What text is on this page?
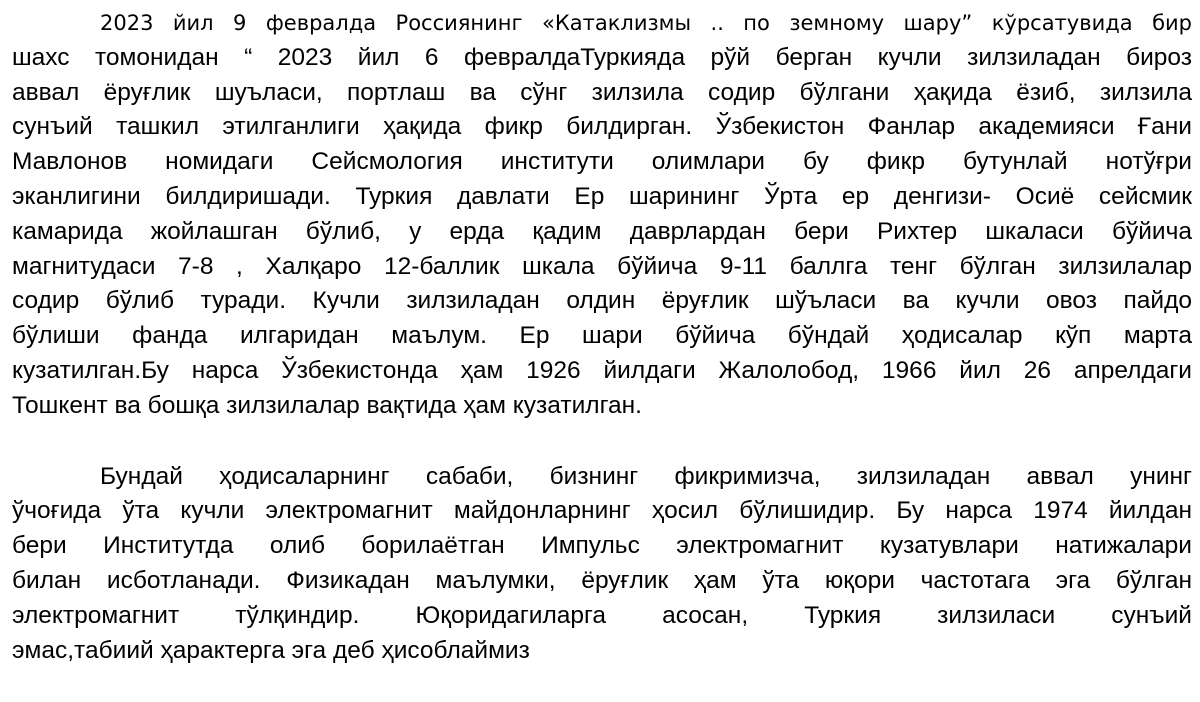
2023 йил 9 февралда Россиянинг «Катаклизмы .. по земному шару” кўрсатувида бир
шахс томонидан “ 2023 йил 6 февралдаТуркияда рўй берган кучли зилзиладан бироз
аввал ёруғлик шуъласи, портлаш ва сўнг зилзила содир бўлгани ҳақида ёзиб, зилзила
сунъий ташкил этилганлиги ҳақида фикр билдирган. Ўзбекистон Фанлар академияси Ғани
Мавлонов номидаги Сейсмология институти олимлари бу фикр бутунлай нотўғри
эканлигини билдиришади. Туркия давлати Ер шарининг Ўрта ер денгизи- Осиё сейсмик
камарида жойлашган бўлиб, у ерда қадим даврлардан бери Рихтер шкаласи бўйича
магнитудаси 7-8 , Халқаро 12-баллик шкала бўйича 9-11 баллга тенг бўлган зилзилалар
содир бўлиб туради. Кучли зилзиладан олдин ёруғлик шўъласи ва кучли овоз пайдо
бўлиши фанда илгаридан маълум. Ер шари бўйича бўндай ҳодисалар кўп марта
кузатилган.Бу нарса Ўзбекистонда ҳам 1926 йилдаги Жалолобод, 1966 йил 26 апрелдаги
Тошкент ва бошқа зилзилалар вақтида ҳам кузатилган.
Бундай ҳодисаларнинг сабаби, бизнинг фикримизча, зилзиладан аввал унинг
ўчоғида ўта кучли электромагнит майдонларнинг ҳосил бўлишидир. Бу нарса 1974 йилдан
бери Институтда олиб борилаётган Импульс электромагнит кузатувлари натижалари
билан исботланади. Физикадан маълумки, ёруғлик ҳам ўта юқори частотага эга бўлган
электромагнит тўлқиндир. Юқоридагиларга асосан, Туркия зилзиласи сунъий
эмас,табиий ҳарактерга эга деб ҳисоблаймиз
